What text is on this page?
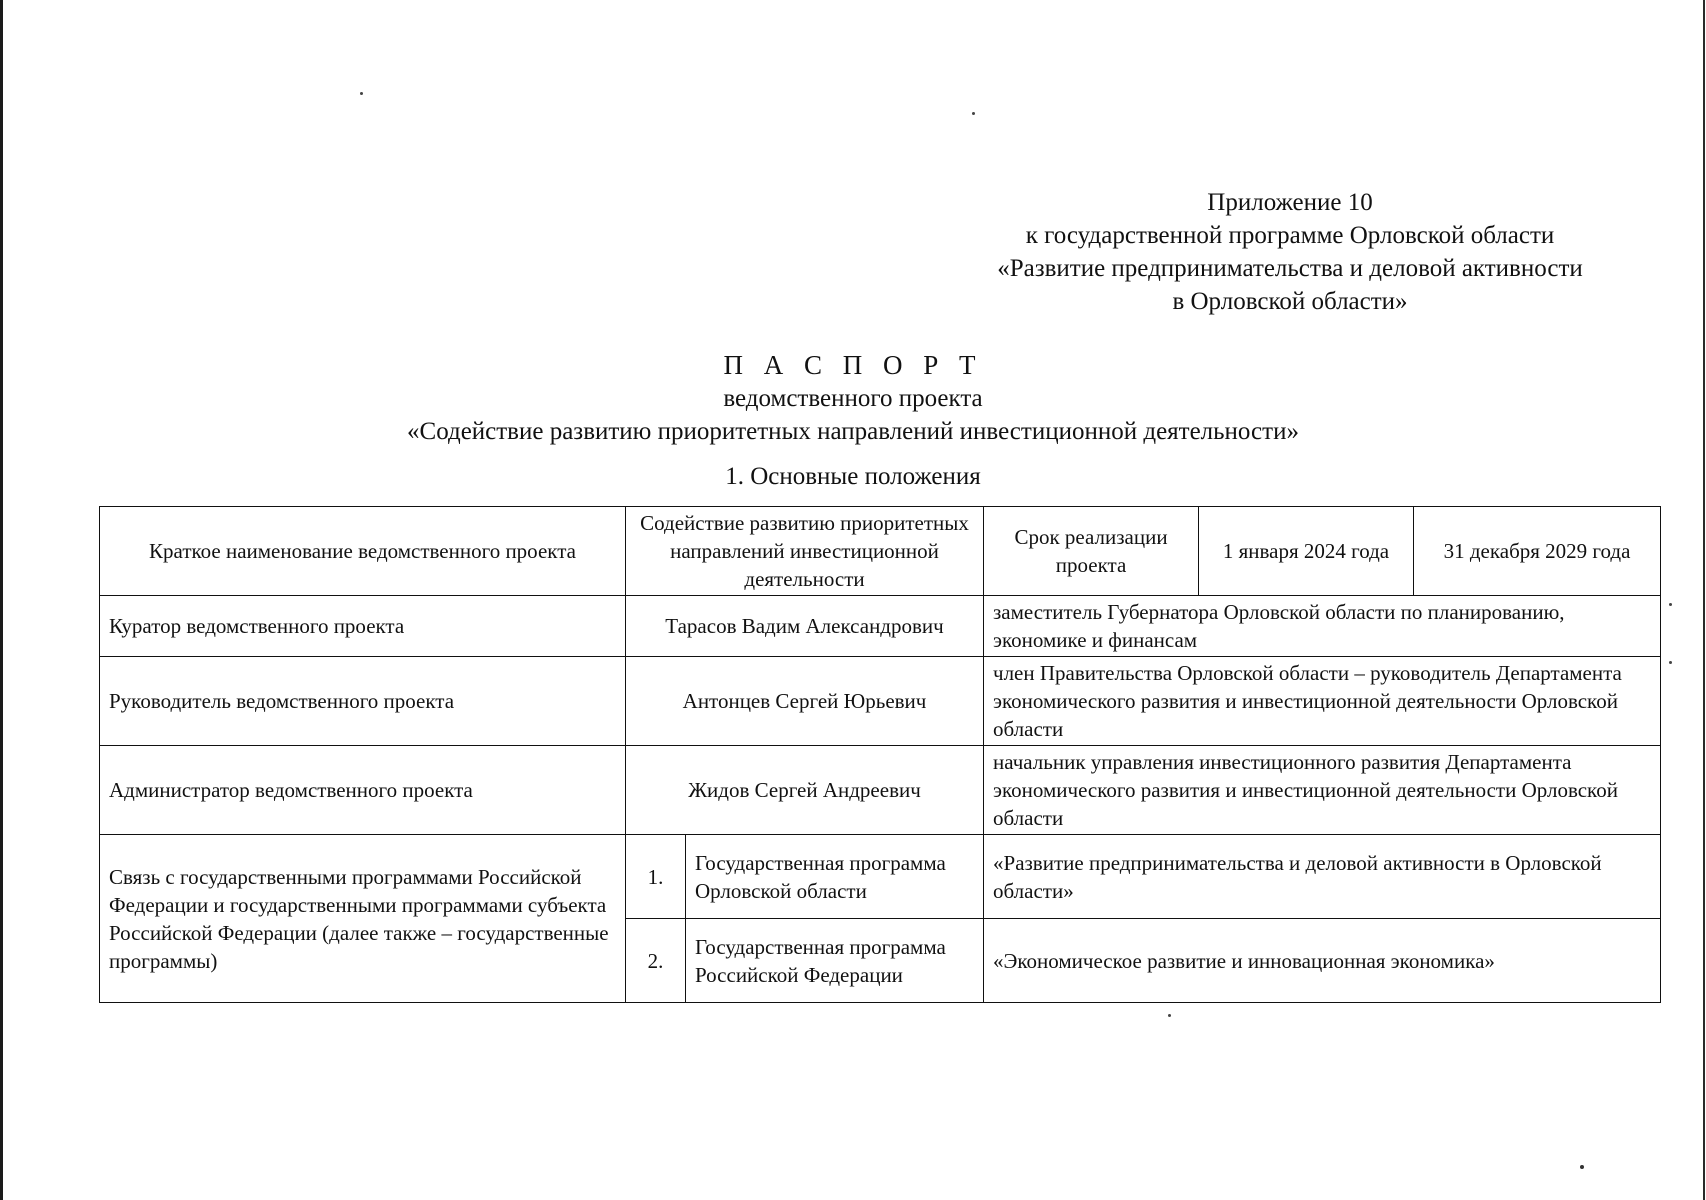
Приложение 10
к государственной программе Орловской области
«Развитие предпринимательства и деловой активности
в Орловской области»
П А С П О Р Т
ведомственного проекта
«Содействие развитию приоритетных направлений инвестиционной деятельности»
1. Основные положения
Краткое наименование ведомственного проекта	Содействие развитию приоритетных направлений инвестиционной деятельности		Срок реализации проекта	1 января 2024 года	31 декабря 2029 года
Куратор ведомственного проекта	Тарасов Вадим Александрович		заместитель Губернатора Орловской области по планированию, экономике и финансам		
Руководитель ведомственного проекта	Антонцев Сергей Юрьевич		член Правительства Орловской области – руководитель Департамента экономического развития и инвестиционной деятельности Орловской области		
Администратор ведомственного проекта	Жидов Сергей Андреевич		начальник управления инвестиционного развития Департамента экономического развития и инвестиционной деятельности Орловской области		
Связь с государственными программами Российской Федерации и государственными программами субъекта Российской Федерации (далее также – государственные программы)	1.	Государственная программа Орловской области	«Развитие предпринимательства и деловой активности в Орловской области»		
	2.	Государственная программа Российской Федерации	«Экономическое развитие и инновационная экономика»		
